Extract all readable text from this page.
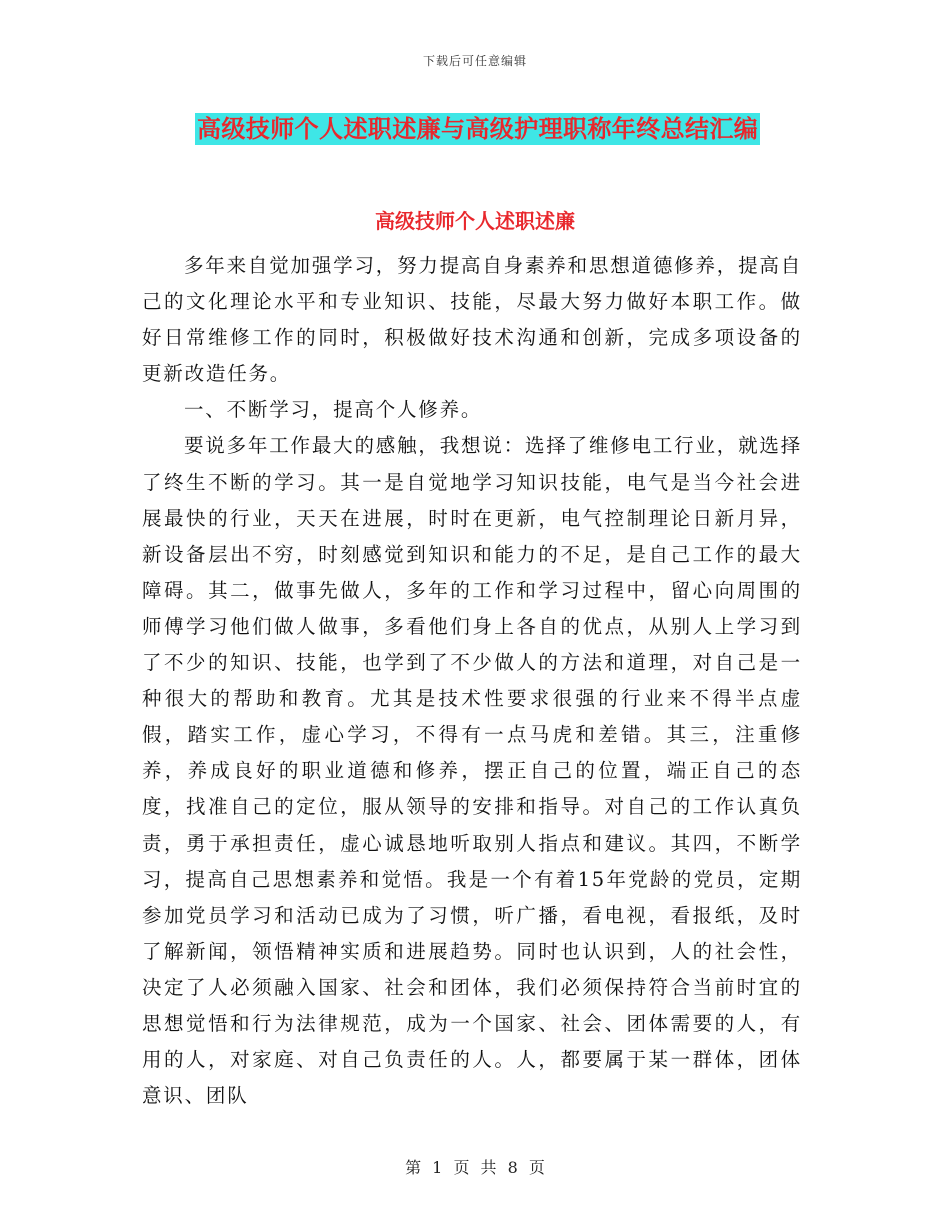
下载后可任意编辑
高级技师个人述职述廉与高级护理职称年终总结汇编
高级技师个人述职述廉

多年来自觉加强学习，努力提高自身素养和思想道德修养，提高自己的文化理论水平和专业知识、技能，尽最大努力做好本职工作。做好日常维修工作的同时，积极做好技术沟通和创新，完成多项设备的更新改造任务。

一、不断学习，提高个人修养。

要说多年工作最大的感触，我想说：选择了维修电工行业，就选择了终生不断的学习。其一是自觉地学习知识技能，电气是当今社会进展最快的行业，天天在进展，时时在更新，电气控制理论日新月异，新设备层出不穷，时刻感觉到知识和能力的不足，是自己工作的最大障碍。其二，做事先做人，多年的工作和学习过程中，留心向周围的师傅学习他们做人做事，多看他们身上各自的优点，从别人上学习到了不少的知识、技能，也学到了不少做人的方法和道理，对自己是一种很大的帮助和教育。尤其是技术性要求很强的行业来不得半点虚假，踏实工作，虚心学习，不得有一点马虎和差错。其三，注重修养，养成良好的职业道德和修养，摆正自己的位置，端正自己的态度，找准自己的定位，服从领导的安排和指导。对自己的工作认真负责，勇于承担责任，虚心诚恳地听取别人指点和建议。其四，不断学习，提高自己思想素养和觉悟。我是一个有着15年党龄的党员，定期参加党员学习和活动已成为了习惯，听广播，看电视，看报纸，及时了解新闻，领悟精神实质和进展趋势。同时也认识到，人的社会性，决定了人必须融入国家、社会和团体，我们必须保持符合当前时宜的思想觉悟和行为法律规范，成为一个国家、社会、团体需要的人，有用的人，对家庭、对自己负责任的人。人，都要属于某一群体，团体意识、团队

第 1 页 共 8 页
